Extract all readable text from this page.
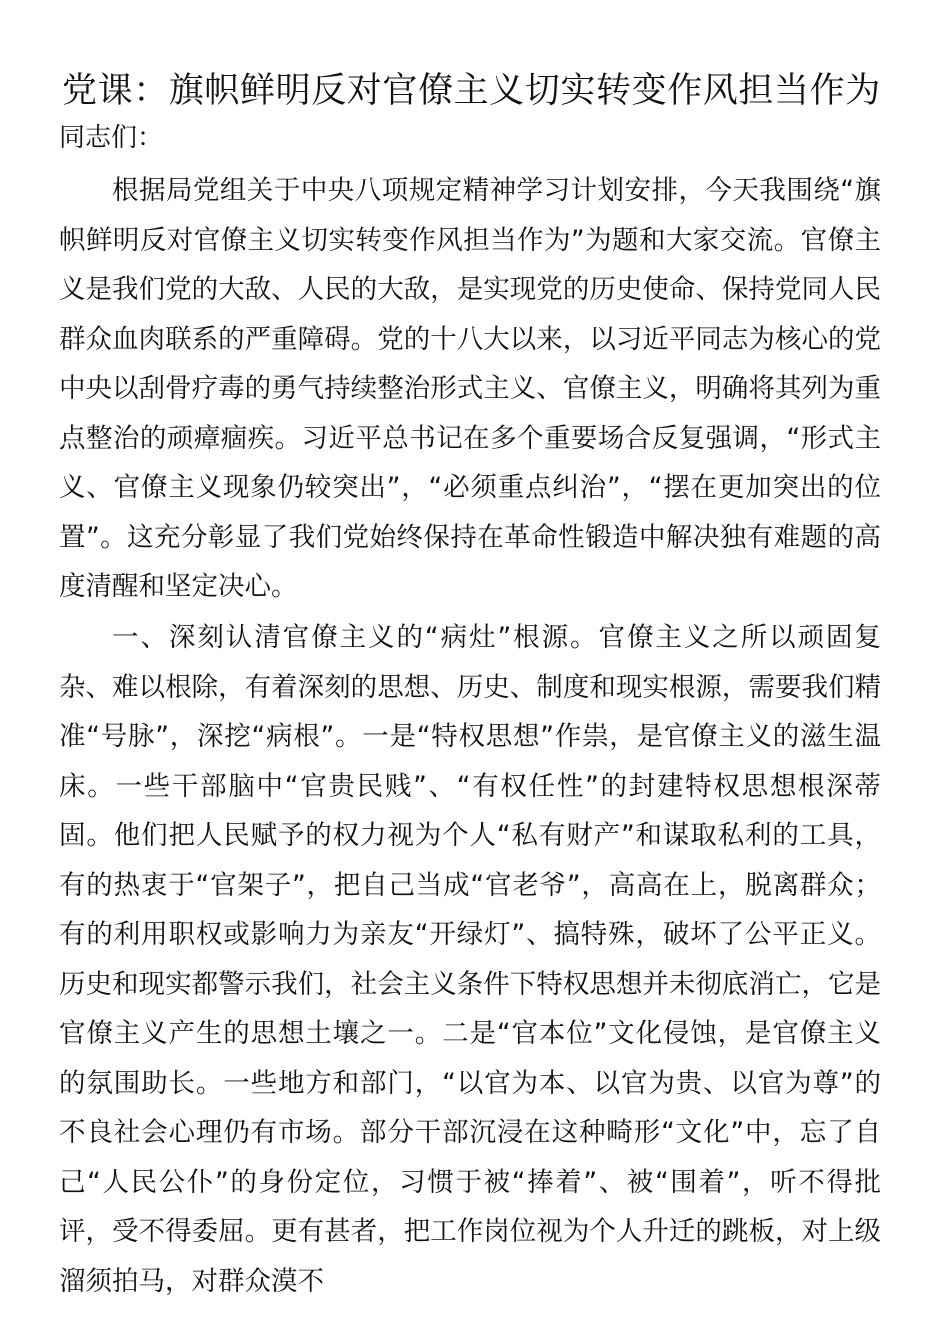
党课：旗帜鲜明反对官僚主义切实转变作风担当作为

同志们：

根据局党组关于中央八项规定精神学习计划安排，今天我围绕“旗帜鲜明反对官僚主义切实转变作风担当作为”为题和大家交流。官僚主义是我们党的大敌、人民的大敌，是实现党的历史使命、保持党同人民群众血肉联系的严重障碍。党的十八大以来，以习近平同志为核心的党中央以刮骨疗毒的勇气持续整治形式主义、官僚主义，明确将其列为重点整治的顽瘴痼疾。习近平总书记在多个重要场合反复强调，“形式主义、官僚主义现象仍较突出”，“必须重点纠治”，“摆在更加突出的位置”。这充分彰显了我们党始终保持在革命性锻造中解决独有难题的高度清醒和坚定决心。

一、深刻认清官僚主义的“病灶”根源。官僚主义之所以顽固复杂、难以根除，有着深刻的思想、历史、制度和现实根源，需要我们精准“号脉”，深挖“病根”。一是“特权思想”作祟，是官僚主义的滋生温床。一些干部脑中“官贵民贱”、“有权任性”的封建特权思想根深蒂固。他们把人民赋予的权力视为个人“私有财产”和谋取私利的工具，有的热衷于“官架子”，把自己当成“官老爷”，高高在上，脱离群众；有的利用职权或影响力为亲友“开绿灯”、搞特殊，破坏了公平正义。历史和现实都警示我们，社会主义条件下特权思想并未彻底消亡，它是官僚主义产生的思想土壤之一。二是“官本位”文化侵蚀，是官僚主义的氛围助长。一些地方和部门，“以官为本、以官为贵、以官为尊”的不良社会心理仍有市场。部分干部沉浸在这种畸形“文化”中，忘了自己“人民公仆”的身份定位，习惯于被“捧着”、被“围着”，听不得批评，受不得委屈。更有甚者，把工作岗位视为个人升迁的跳板，对上级溜须拍马，对群众漠不
